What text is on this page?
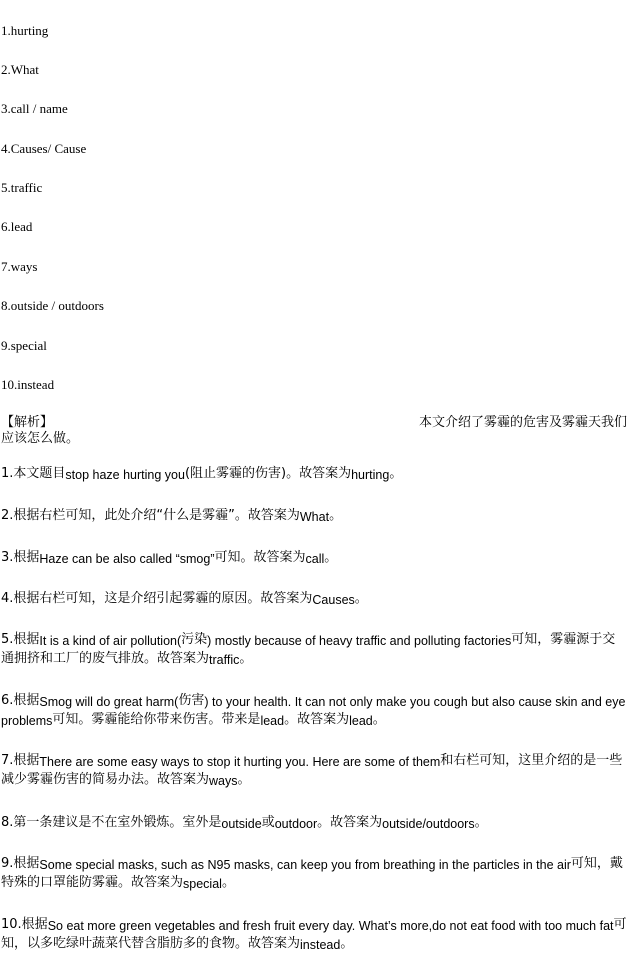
1.hurting
2.What
3.call / name
4.Causes/ Cause
5.traffic
6.lead
7.ways
8.outside / outdoors
9.special
10.instead
【解析】	本文介绍了雾霾的危害及雾霾天我们应该怎么做。
1.本文题目stop haze hurting you(阻止雾霾的伤害)。故答案为hurting。
2.根据右栏可知，此处介绍“什么是雾霾”。故答案为What。
3.根据Haze can be also called “smog”可知。故答案为call。
4.根据右栏可知，这是介绍引起雾霾的原因。故答案为Causes。
5.根据It is a kind of air pollution(污染) mostly because of heavy traffic and polluting factories可知，雾霾源于交通拥挤和工厂的废气排放。故答案为traffic。
6.根据Smog will do great harm(伤害) to your health. It can not only make you cough but also cause skin and eye problems可知。雾霾能给你带来伤害。带来是lead。故答案为lead。
7.根据There are some easy ways to stop it hurting you. Here are some of them和右栏可知，这里介绍的是一些减少雾霾伤害的简易办法。故答案为ways。
8.第一条建议是不在室外锻炼。室外是outside或outdoor。故答案为outside/outdoors。
9.根据Some special masks, such as N95 masks, can keep you from breathing in the particles in the air可知，戴特殊的口罩能防雾霾。故答案为special。
10.根据So eat more green vegetables and fresh fruit every day. What’s more,do not eat food with too much fat可知，以多吃绿叶蔬菜代替含脂肪多的食物。故答案为instead。
